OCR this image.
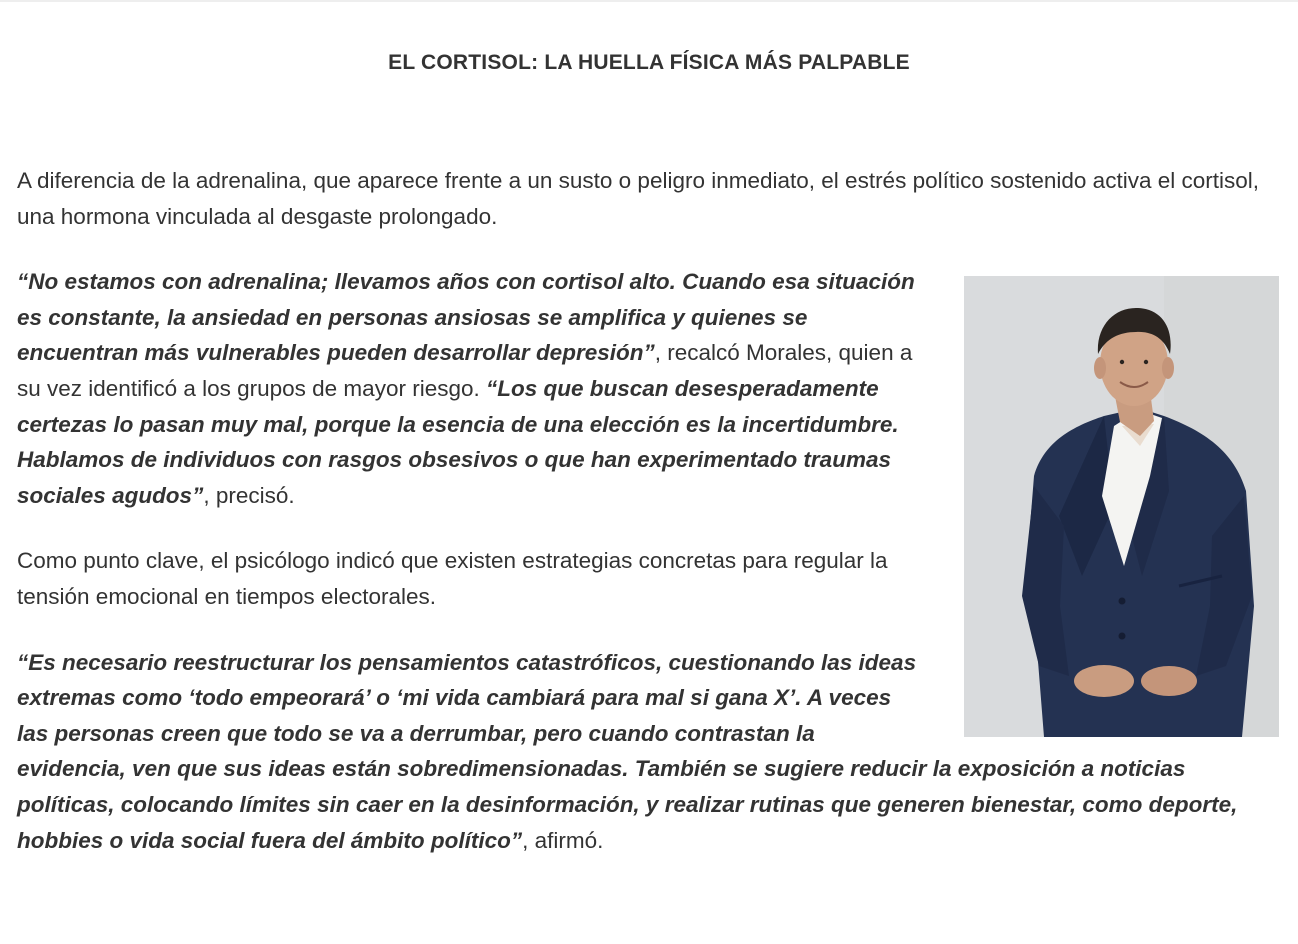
EL CORTISOL: LA HUELLA FÍSICA MÁS PALPABLE

A diferencia de la adrenalina, que aparece frente a un susto o peligro inmediato, el estrés político sostenido activa el cortisol, una hormona vinculada al desgaste prolongado.

“No estamos con adrenalina; llevamos años con cortisol alto. Cuando esa situación es constante, la ansiedad en personas ansiosas se amplifica y quienes se encuentran más vulnerables pueden desarrollar depresión”, recalcó Morales, quien a su vez identificó a los grupos de mayor riesgo. “Los que buscan desesperadamente certezas lo pasan muy mal, porque la esencia de una elección es la incertidumbre. Hablamos de individuos con rasgos obsesivos o que han experimentado traumas sociales agudos”, precisó.

Como punto clave, el psicólogo indicó que existen estrategias concretas para regular la tensión emocional en tiempos electorales.

“Es necesario reestructurar los pensamientos catastróficos, cuestionando las ideas extremas como ‘todo empeorará’ o ‘mi vida cambiará para mal si gana X’. A veces las personas creen que todo se va a derrumbar, pero cuando contrastan la evidencia, ven que sus ideas están sobredimensionadas. También se sugiere reducir la exposición a noticias políticas, colocando límites sin caer en la desinformación, y realizar rutinas que generen bienestar, como deporte, hobbies o vida social fuera del ámbito político”, afirmó.
